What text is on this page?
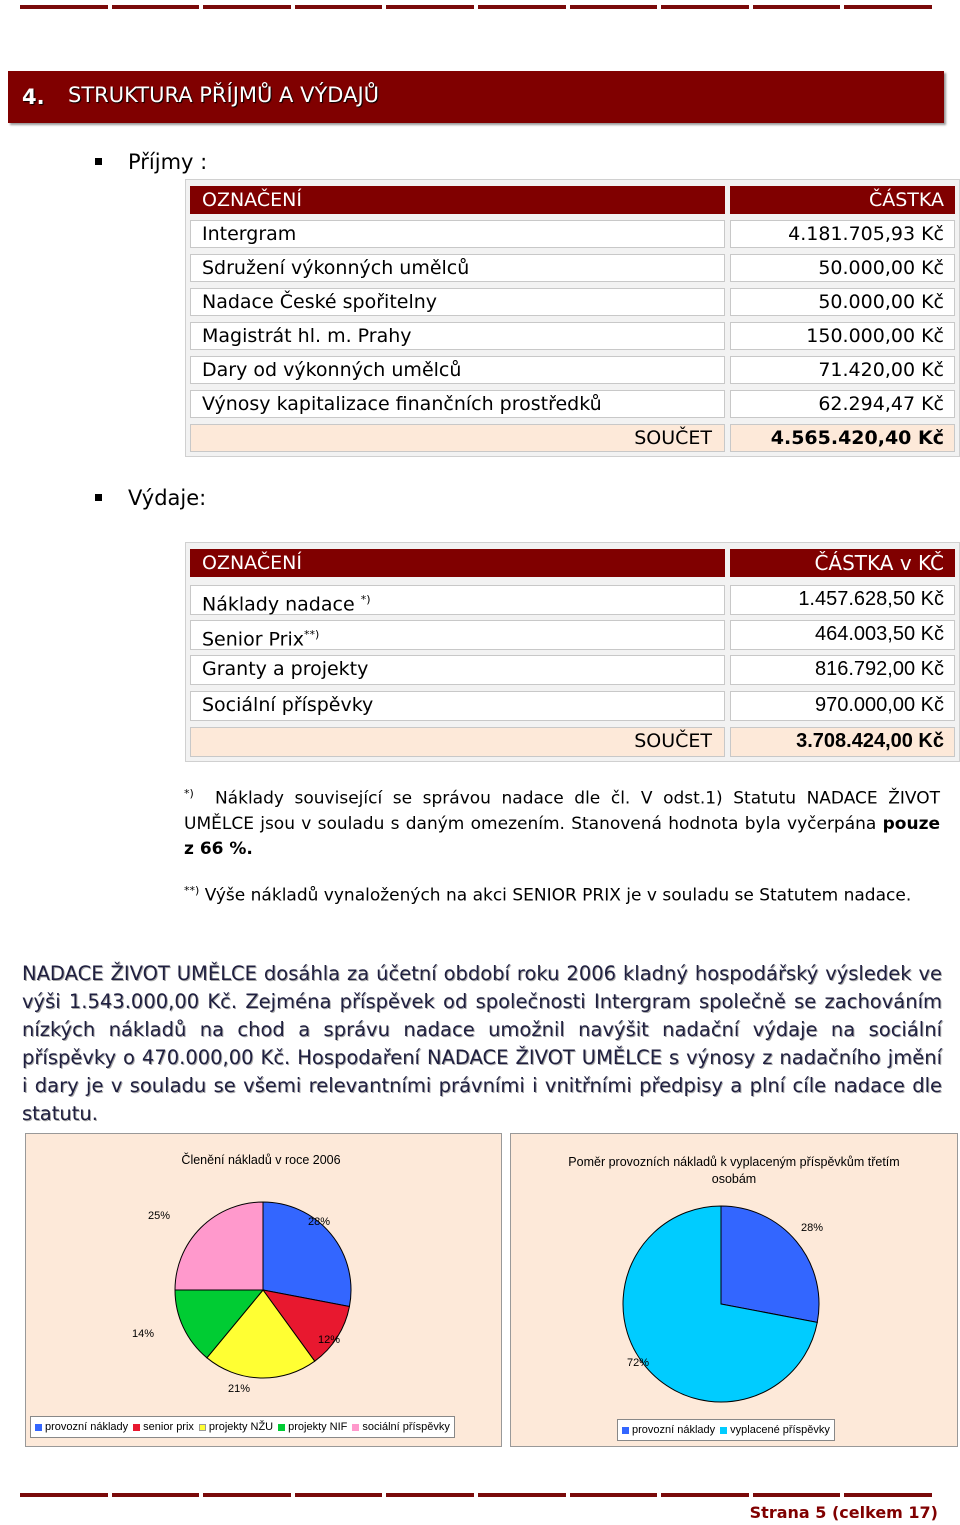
4. STRUKTURA PŘÍJMŮ A VÝDAJŮ
Příjmy :
OZNAČENÍ	ČÁSTKA
Intergram	4.181.705,93 Kč
Sdružení výkonných umělců	50.000,00 Kč
Nadace České spořitelny	50.000,00 Kč
Magistrát hl. m. Prahy	150.000,00 Kč
Dary od výkonných umělců	71.420,00 Kč
Výnosy kapitalizace finančních prostředků	62.294,47 Kč
SOUČET	4.565.420,40 Kč
Výdaje:
OZNAČENÍ	ČÁSTKA v KČ
Náklady nadace *)	1.457.628,50 Kč
Senior Prix**)	464.003,50 Kč
Granty a projekty	816.792,00 Kč
Sociální příspěvky	970.000,00 Kč
SOUČET	3.708.424,00 Kč
*) Náklady související se správou nadace dle čl. V odst.1) Statutu NADACE ŽIVOT UMĚLCE jsou v souladu s daným omezením. Stanovená hodnota byla vyčerpána pouze z 66 %.
**) Výše nákladů vynaložených na akci SENIOR PRIX je v souladu se Statutem nadace.
NADACE ŽIVOT UMĚLCE dosáhla za účetní období roku 2006 kladný hospodářský výsledek ve výši 1.543.000,00 Kč. Zejména příspěvek od společnosti Intergram společně se zachováním nízkých nákladů na chod a správu nadace umožnil navýšit nadační výdaje na sociální příspěvky o 470.000,00 Kč. Hospodaření NADACE ŽIVOT UMĚLCE s výnosy z nadačního jmění i dary je v souladu se všemi relevantními právními i vnitřními předpisy a plní cíle nadace dle statutu.
Členění nákladů v roce 2006
25%	28%
14%	12%
21%
provozní náklady senior prix projekty NŽU projekty NIF sociální příspěvky
Poměr provozních nákladů k vyplaceným příspěvkům třetím osobám
28%
72%
provozní náklady vyplacené příspěvky
Strana 5 (celkem 17)
